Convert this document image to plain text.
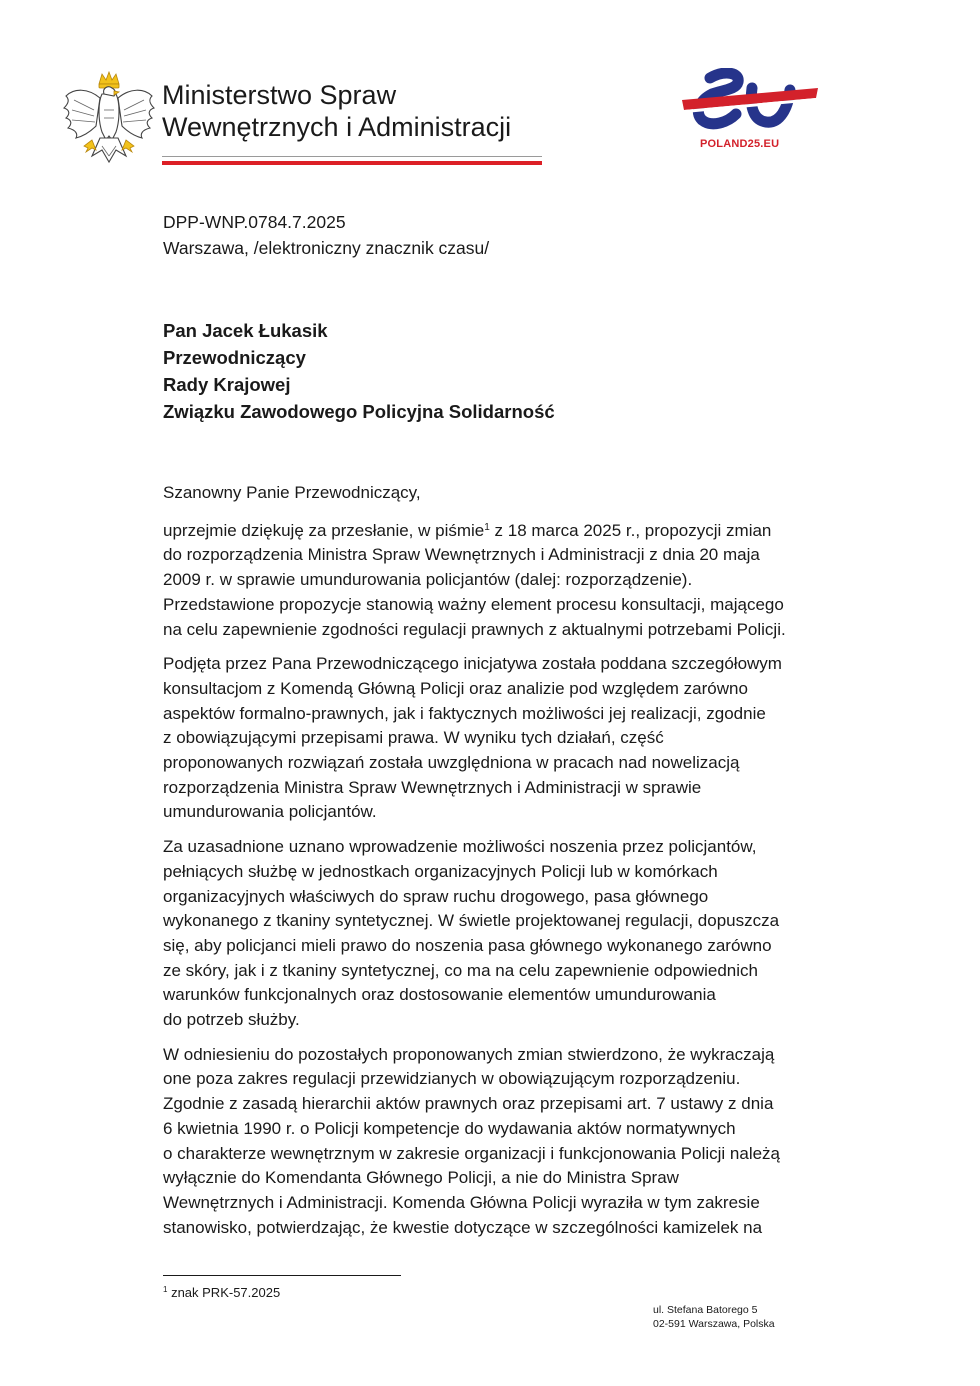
Ministerstwo Spraw
Wewnętrznych i Administracji
POLAND25.EU
DPP-WNP.0784.7.2025
Warszawa, /elektroniczny znacznik czasu/
Pan Jacek Łukasik
Przewodniczący
Rady Krajowej
Związku Zawodowego Policyjna Solidarność

Szanowny Panie Przewodniczący,

uprzejmie dziękuję za przesłanie, w piśmie$^1$ z 18 marca 2025 r., propozycji zmian
do rozporządzenia Ministra Spraw Wewnętrznych i Administracji z dnia 20 maja
2009 r. w sprawie umundurowania policjantów (dalej: rozporządzenie).
Przedstawione propozycje stanowią ważny element procesu konsultacji, mającego
na celu zapewnienie zgodności regulacji prawnych z aktualnymi potrzebami Policji.

Podjęta przez Pana Przewodniczącego inicjatywa została poddana szczegółowym
konsultacjom z Komendą Główną Policji oraz analizie pod względem zarówno
aspektów formalno-prawnych, jak i faktycznych możliwości jej realizacji, zgodnie
z obowiązującymi przepisami prawa. W wyniku tych działań, część
proponowanych rozwiązań została uwzględniona w pracach nad nowelizacją
rozporządzenia Ministra Spraw Wewnętrznych i Administracji w sprawie
umundurowania policjantów.

Za uzasadnione uznano wprowadzenie możliwości noszenia przez policjantów,
pełniących służbę w jednostkach organizacyjnych Policji lub w komórkach
organizacyjnych właściwych do spraw ruchu drogowego, pasa głównego
wykonanego z tkaniny syntetycznej. W świetle projektowanej regulacji, dopuszcza
się, aby policjanci mieli prawo do noszenia pasa głównego wykonanego zarówno
ze skóry, jak i z tkaniny syntetycznej, co ma na celu zapewnienie odpowiednich
warunków funkcjonalnych oraz dostosowanie elementów umundurowania
do potrzeb służby.

W odniesieniu do pozostałych proponowanych zmian stwierdzono, że wykraczają
one poza zakres regulacji przewidzianych w obowiązującym rozporządzeniu.
Zgodnie z zasadą hierarchii aktów prawnych oraz przepisami art. 7 ustawy z dnia
6 kwietnia 1990 r. o Policji kompetencje do wydawania aktów normatywnych
o charakterze wewnętrznym w zakresie organizacji i funkcjonowania Policji należą
wyłącznie do Komendanta Głównego Policji, a nie do Ministra Spraw
Wewnętrznych i Administracji. Komenda Główna Policji wyraziła w tym zakresie
stanowisko, potwierdzając, że kwestie dotyczące w szczególności kamizelek na

$^1$ znak PRK-57.2025
ul. Stefana Batorego 5
02-591 Warszawa, Polska
